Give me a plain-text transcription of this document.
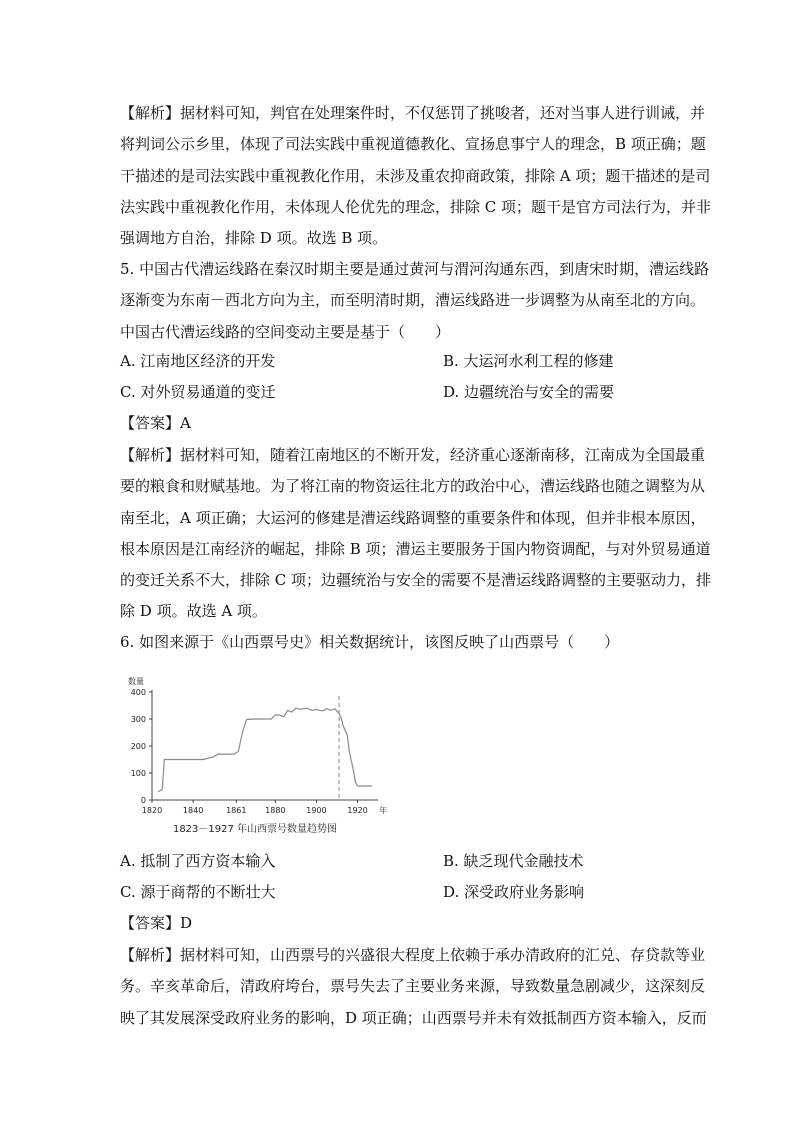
【解析】据材料可知，判官在处理案件时，不仅惩罚了挑唆者，还对当事人进行训诫，并
将判词公示乡里，体现了司法实践中重视道德教化、宣扬息事宁人的理念，B 项正确；题
干描述的是司法实践中重视教化作用，未涉及重农抑商政策，排除 A 项；题干描述的是司
法实践中重视教化作用，未体现人伦优先的理念，排除 C 项；题干是官方司法行为，并非
强调地方自治，排除 D 项。故选 B 项。
5. 中国古代漕运线路在秦汉时期主要是通过黄河与渭河沟通东西，到唐宋时期，漕运线路
逐渐变为东南－西北方向为主，而至明清时期，漕运线路进一步调整为从南至北的方向。
中国古代漕运线路的空间变动主要是基于（　　）
A. 江南地区经济的开发	B. 大运河水利工程的修建
C. 对外贸易通道的变迁	D. 边疆统治与安全的需要
【答案】A
【解析】据材料可知，随着江南地区的不断开发，经济重心逐渐南移，江南成为全国最重
要的粮食和财赋基地。为了将江南的物资运往北方的政治中心，漕运线路也随之调整为从
南至北，A 项正确；大运河的修建是漕运线路调整的重要条件和体现，但并非根本原因，
根本原因是江南经济的崛起，排除 B 项；漕运主要服务于国内物资调配，与对外贸易通道
的变迁关系不大，排除 C 项；边疆统治与安全的需要不是漕运线路调整的主要驱动力，排
除 D 项。故选 A 项。
6. 如图来源于《山西票号史》相关数据统计，该图反映了山西票号（　　）
0
100
200
300
400
1820	1840	1861 1880	1900	1920
数量
年
1823－1927 年山西票号数量趋势图
A. 抵制了西方资本输入	B. 缺乏现代金融技术
C. 源于商帮的不断壮大	D. 深受政府业务影响
【答案】D
【解析】据材料可知，山西票号的兴盛很大程度上依赖于承办清政府的汇兑、存贷款等业
务。辛亥革命后，清政府垮台，票号失去了主要业务来源，导致数量急剧减少，这深刻反
映了其发展深受政府业务的影响，D 项正确；山西票号并未有效抵制西方资本输入，反而
